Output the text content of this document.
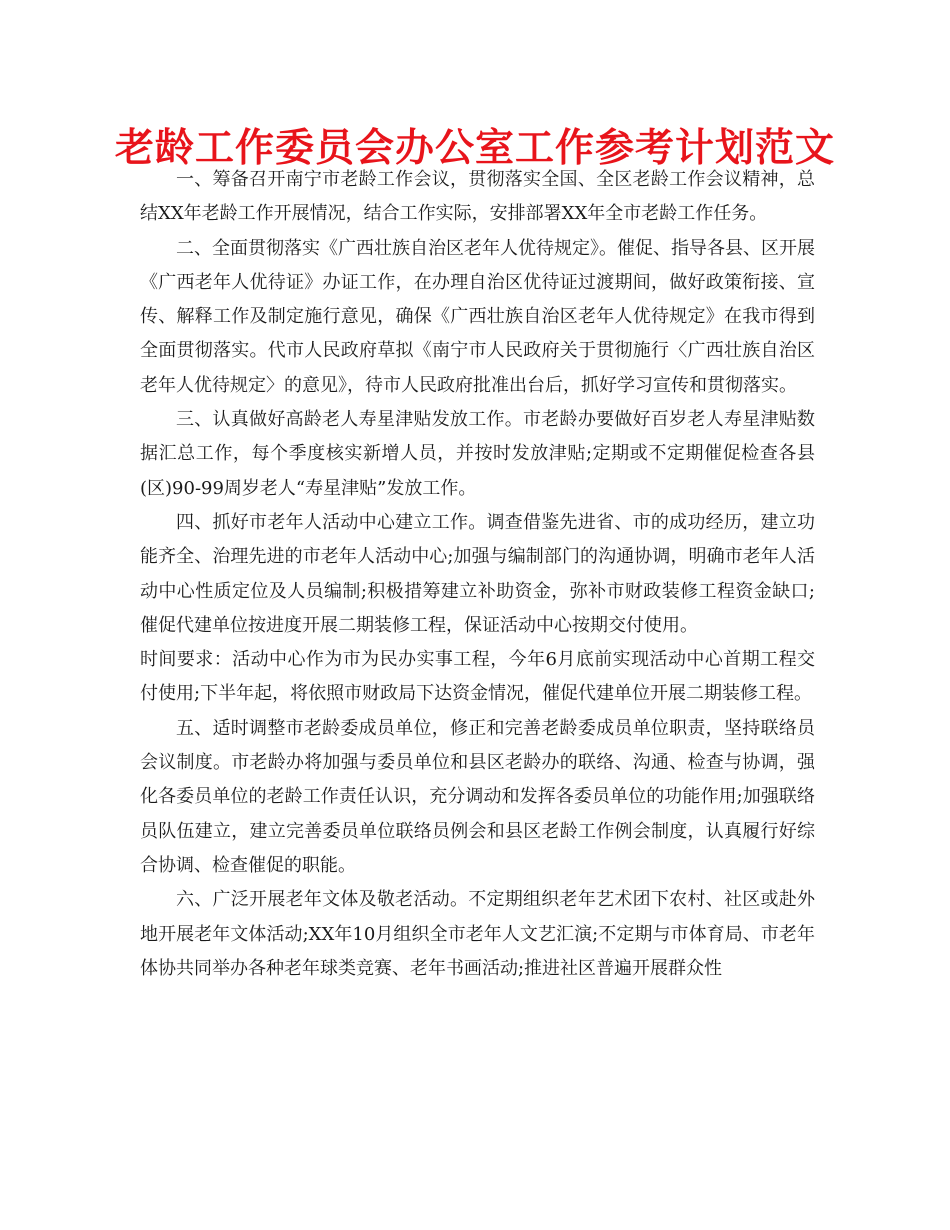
老龄工作委员会办公室工作参考计划范文

一、筹备召开南宁市老龄工作会议，贯彻落实全国、全区老龄工作会议精神，总结XX年老龄工作开展情况，结合工作实际，安排部署XX年全市老龄工作任务。

二、全面贯彻落实《广西壮族自治区老年人优待规定》。催促、指导各县、区开展《广西老年人优待证》办证工作，在办理自治区优待证过渡期间，做好政策衔接、宣传、解释工作及制定施行意见，确保《广西壮族自治区老年人优待规定》在我市得到全面贯彻落实。代市人民政府草拟《南宁市人民政府关于贯彻施行〈广西壮族自治区老年人优待规定〉的意见》，待市人民政府批准出台后，抓好学习宣传和贯彻落实。

三、认真做好高龄老人寿星津贴发放工作。市老龄办要做好百岁老人寿星津贴数据汇总工作，每个季度核实新增人员，并按时发放津贴;定期或不定期催促检查各县(区)90-99周岁老人“寿星津贴”发放工作。

四、抓好市老年人活动中心建立工作。调查借鉴先进省、市的成功经历，建立功能齐全、治理先进的市老年人活动中心;加强与编制部门的沟通协调，明确市老年人活动中心性质定位及人员编制;积极措筹建立补助资金，弥补市财政装修工程资金缺口;催促代建单位按进度开展二期装修工程，保证活动中心按期交付使用。

时间要求：活动中心作为市为民办实事工程，今年6月底前实现活动中心首期工程交付使用;下半年起，将依照市财政局下达资金情况，催促代建单位开展二期装修工程。

五、适时调整市老龄委成员单位，修正和完善老龄委成员单位职责，坚持联络员会议制度。市老龄办将加强与委员单位和县区老龄办的联络、沟通、检查与协调，强化各委员单位的老龄工作责任认识，充分调动和发挥各委员单位的功能作用;加强联络员队伍建立，建立完善委员单位联络员例会和县区老龄工作例会制度，认真履行好综合协调、检查催促的职能。

六、广泛开展老年文体及敬老活动。不定期组织老年艺术团下农村、社区或赴外地开展老年文体活动;XX年10月组织全市老年人文艺汇演;不定期与市体育局、市老年体协共同举办各种老年球类竞赛、老年书画活动;推进社区普遍开展群众性
